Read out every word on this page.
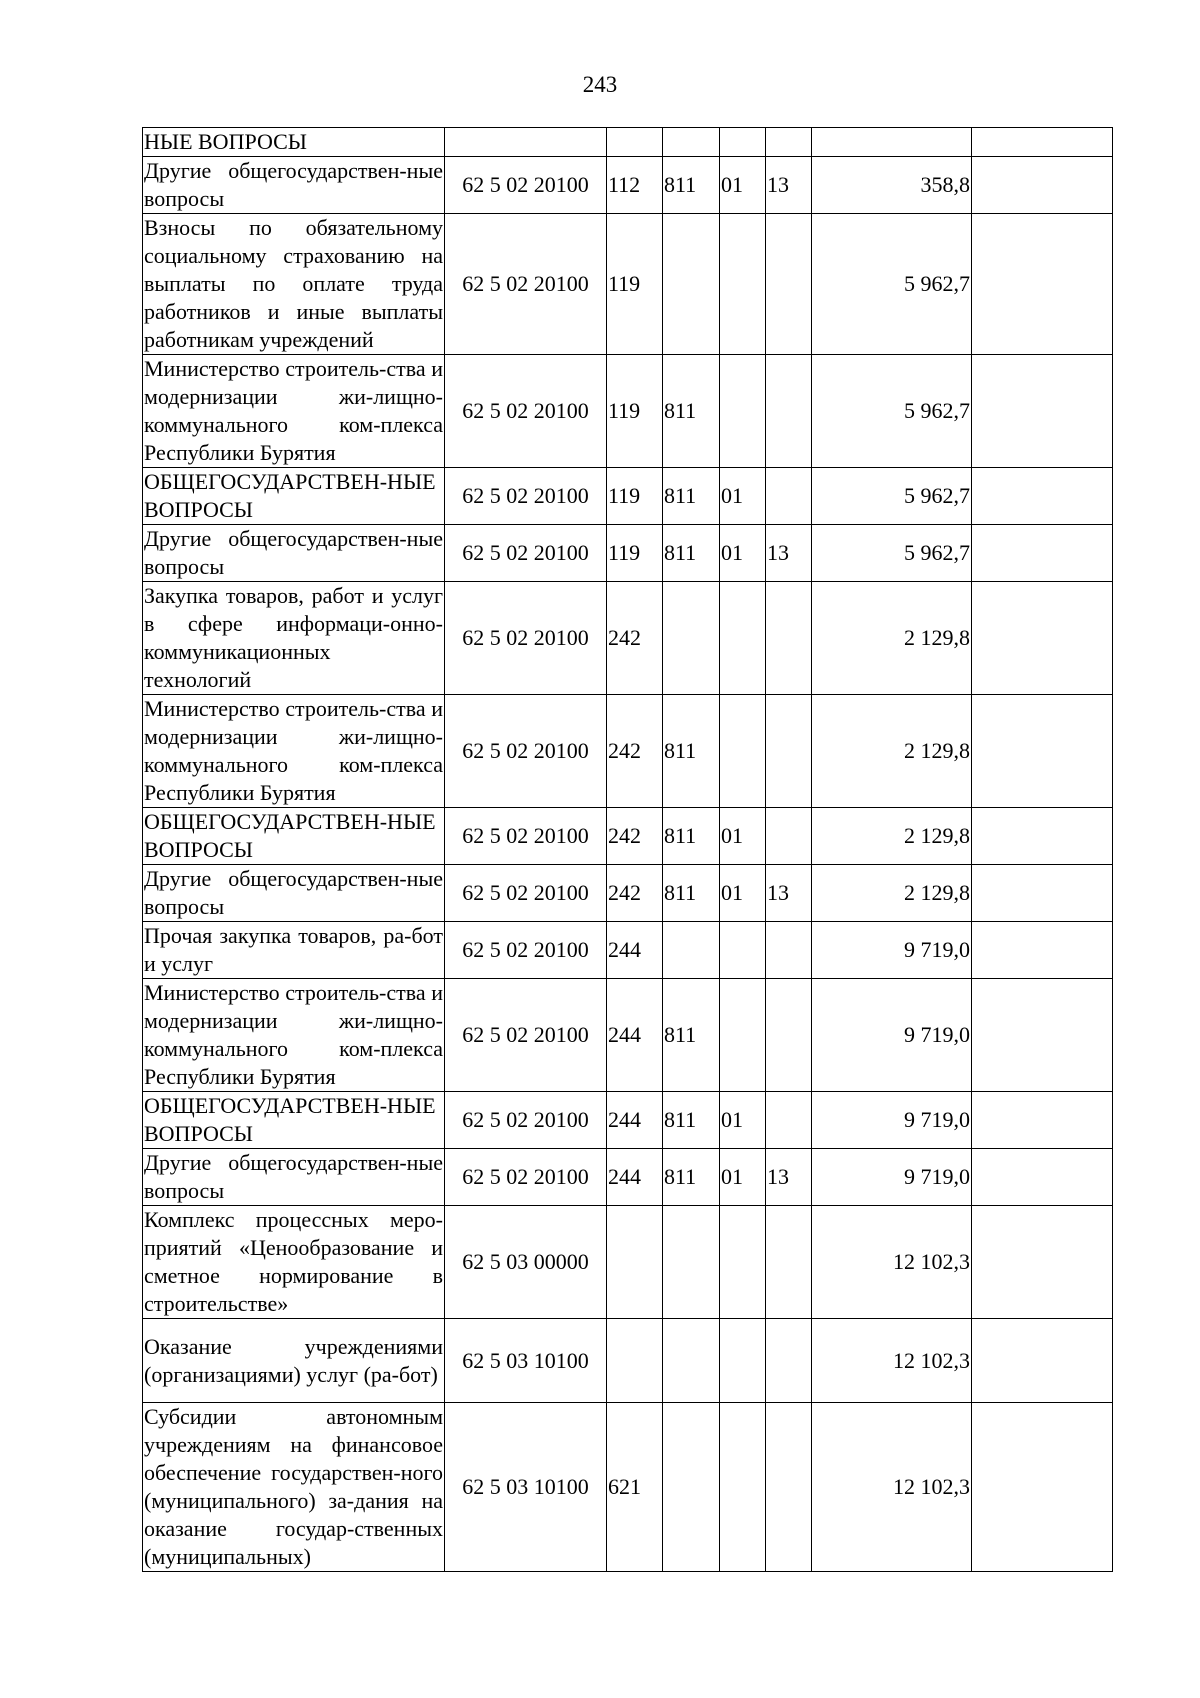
243
НЫЕ ВОПРОСЫ							
Другие общегосударствен-ные вопросы	62 5 02 20100	112	811	01	13	358,8	
Взносы по обязательному социальному страхованию на выплаты по оплате труда работников и иные выплаты работникам учреждений	62 5 02 20100	119				5 962,7	
Министерство строитель-ства и модернизации жи-лищно-коммунального ком-плекса Республики Бурятия	62 5 02 20100	119	811			5 962,7	
ОБЩЕГОСУДАРСТВЕН-НЫЕ ВОПРОСЫ	62 5 02 20100	119	811	01		5 962,7	
Другие общегосударствен-ные вопросы	62 5 02 20100	119	811	01	13	5 962,7	
Закупка товаров, работ и услуг в сфере информаци-онно-коммуникационных технологий	62 5 02 20100	242				2 129,8	
Министерство строитель-ства и модернизации жи-лищно-коммунального ком-плекса Республики Бурятия	62 5 02 20100	242	811			2 129,8	
ОБЩЕГОСУДАРСТВЕН-НЫЕ ВОПРОСЫ	62 5 02 20100	242	811	01		2 129,8	
Другие общегосударствен-ные вопросы	62 5 02 20100	242	811	01	13	2 129,8	
Прочая закупка товаров, ра-бот и услуг	62 5 02 20100	244				9 719,0	
Министерство строитель-ства и модернизации жи-лищно-коммунального ком-плекса Республики Бурятия	62 5 02 20100	244	811			9 719,0	
ОБЩЕГОСУДАРСТВЕН-НЫЕ ВОПРОСЫ	62 5 02 20100	244	811	01		9 719,0	
Другие общегосударствен-ные вопросы	62 5 02 20100	244	811	01	13	9 719,0	
Комплекс процессных меро-приятий «Ценообразование и сметное нормирование в строительстве»	62 5 03 00000					12 102,3	
Оказание учреждениями (организациями) услуг (ра-бот)	62 5 03 10100					12 102,3	
Субсидии автономным учреждениям на финансовое обеспечение государствен-ного (муниципального) за-дания на оказание государ-ственных (муниципальных)	62 5 03 10100	621				12 102,3	
